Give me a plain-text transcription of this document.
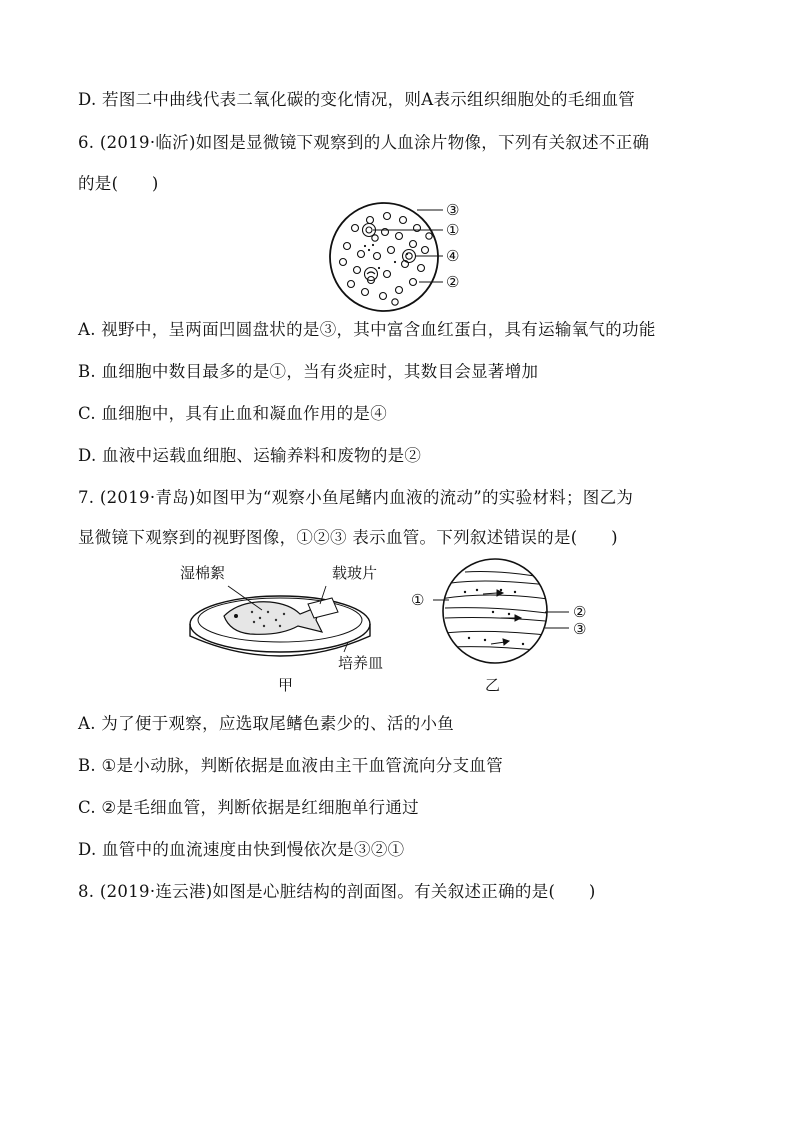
D. 若图二中曲线代表二氧化碳的变化情况，则A表示组织细胞处的毛细血管
6. (2019·临沂)如图是显微镜下观察到的人血涂片物像，下列有关叙述不正确
的是(　　)
③
①
④
②
A. 视野中，呈两面凹圆盘状的是③，其中富含血红蛋白，具有运输氧气的功能
B. 血细胞中数目最多的是①，当有炎症时，其数目会显著增加
C. 血细胞中，具有止血和凝血作用的是④
D. 血液中运载血细胞、运输养料和废物的是②
7. (2019·青岛)如图甲为“观察小鱼尾鳍内血液的流动”的实验材料；图乙为
显微镜下观察到的视野图像，①②③ 表示血管。下列叙述错误的是(　　)
湿棉絮	载玻片
培养皿
甲
①
②
③
乙
A. 为了便于观察，应选取尾鳍色素少的、活的小鱼
B. ①是小动脉，判断依据是血液由主干血管流向分支血管
C. ②是毛细血管，判断依据是红细胞单行通过
D. 血管中的血流速度由快到慢依次是③②①
8. (2019·连云港)如图是心脏结构的剖面图。有关叙述正确的是(　　)
